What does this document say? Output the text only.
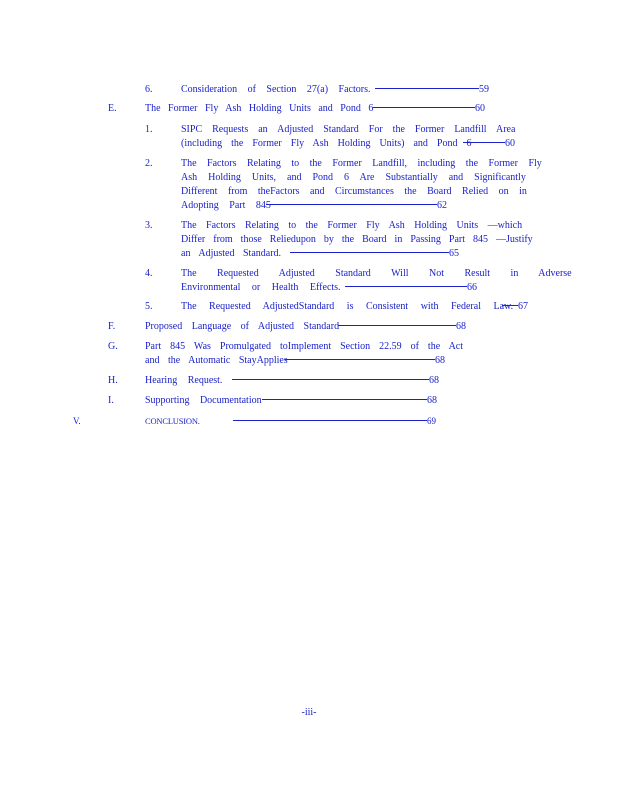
6.	Consideration of Section 27(a) Factors.	59
E.	The Former Fly Ash Holding Units and Pond 6	60
1.	SIPC Requests an Adjusted Standard For the Former Landfill Area
(including the Former Fly Ash Holding Units) and Pond 6	60
2.	The Factors Relating to the Former Landfill, including the Former Fly
Ash Holding Units, and Pond 6 Are Substantially and Significantly
Different from theFactors and Circumstances the Board Relied on in
Adopting Part 845	62
3.	The Factors Relating to the Former Fly Ash Holding Units —which
Differ from those Reliedupon by the Board in Passing Part 845 —Justify
an Adjusted Standard.	65
4.	The Requested Adjusted Standard Will Not Result in Adverse
Environmental or Health Effects.	66
5.	The Requested AdjustedStandard is Consistent with Federal Law. 67
F.	Proposed Language of Adjusted Standard	68
G.	Part 845 Was Promulgated toImplement Section 22.59 of the Act
and the Automatic StayApplies	68
H.	Hearing Request.	68
I.	Supporting Documentation	68
V.	CONCLUSION.	69
-iii-
